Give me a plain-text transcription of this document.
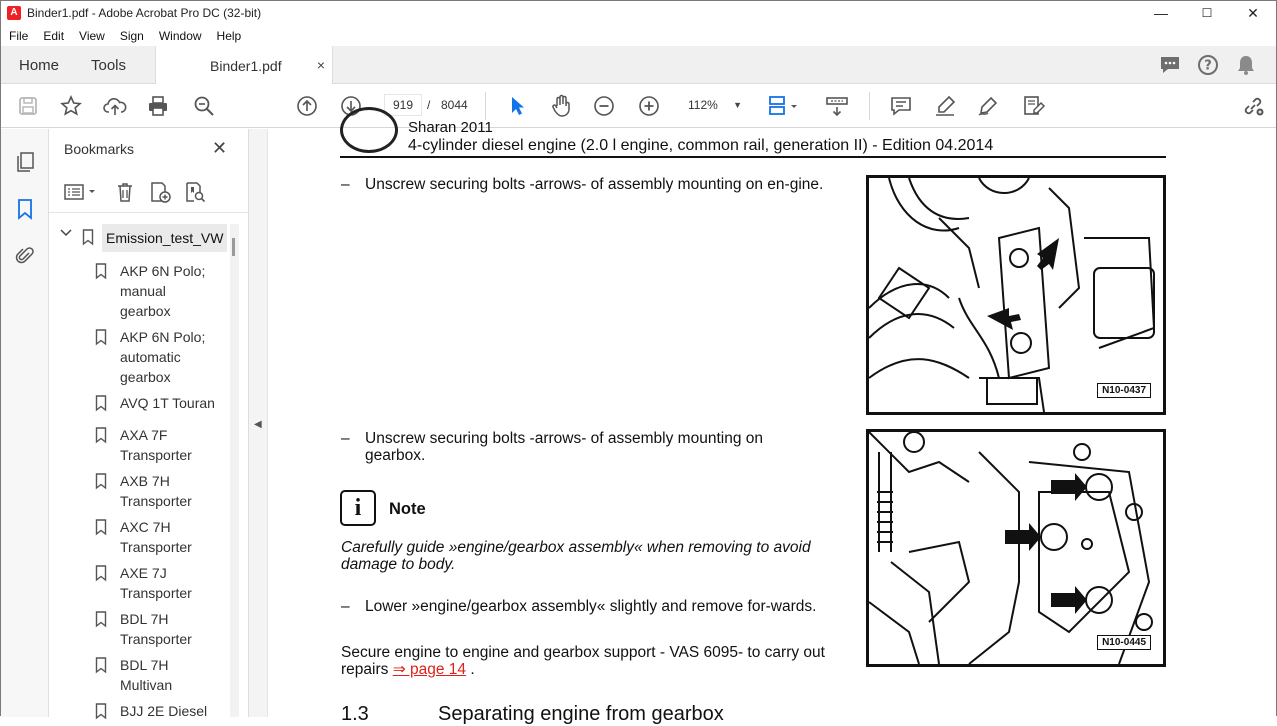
A Binder1.pdf - Adobe Acrobat Pro DC (32-bit)	—	☐	✕
File	Edit	View	Sign	Window	Help
Home Tools	Binder1.pdf	×	?
919	/ 8044	112% ▼
Bookmarks	✕
Emission_test_VW
AKP 6N Polo; manual gearbox
AKP 6N Polo; automatic gearbox
AVQ 1T Touran
AXA 7F Transporter
AXB 7H Transporter
AXC 7H Transporter
AXE 7J Transporter
BDL 7H Transporter
BDL 7H Multivan
BJJ 2E Diesel
◀
Sharan 2011
4-cylinder diesel engine (2.0 l engine, common rail, generation II) - Edition 04.2014
– Unscrew securing bolts -arrows- of assembly mounting on en-gine.
N10-0437
– Unscrew securing bolts -arrows- of assembly mounting on gearbox.
i	Note
Carefully guide »engine/gearbox assembly« when removing to avoid damage to body.
– Lower »engine/gearbox assembly« slightly and remove for-wards.
Secure engine to engine and gearbox support - VAS 6095- to carry out repairs ⇒ page 14 .
1.3	Separating engine from gearbox
N10-0445
